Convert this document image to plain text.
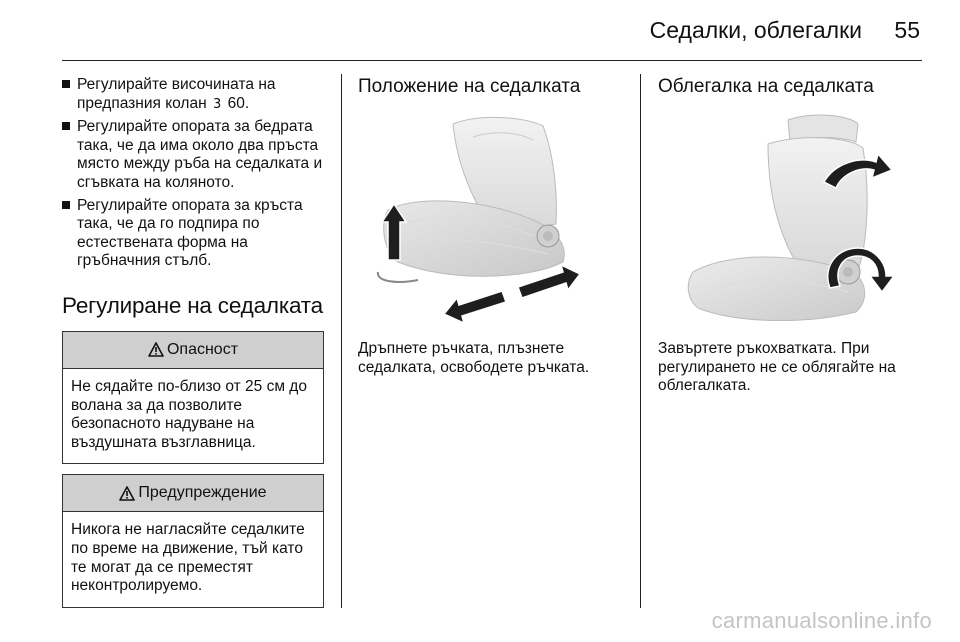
Седалки, облегалки 55
Регулирайте височината на предпазния колан 3 60.
Регулирайте опората за бедрата така, че да има около два пръста място между ръба на седалката и сгъвката на коляното.
Регулирайте опората за кръста така, че да го подпира по естествената форма на гръбначния стълб.
Регулиране на седалката
Опасност
Не сядайте по-близо от 25 см до волана за да позволите безопасното надуване на въздушната възглавница.
Предупреждение
Никога не нагласяйте седалките по време на движение, тъй като те могат да се преместят неконтролируемо.
Положение на седалката

Дръпнете ръчката, плъзнете седалката, освободете ръчката.

Облегалка на седалката

Завъртете ръкохватката. При регулирането не се облягайте на облегалката.

carmanualsonline.info
